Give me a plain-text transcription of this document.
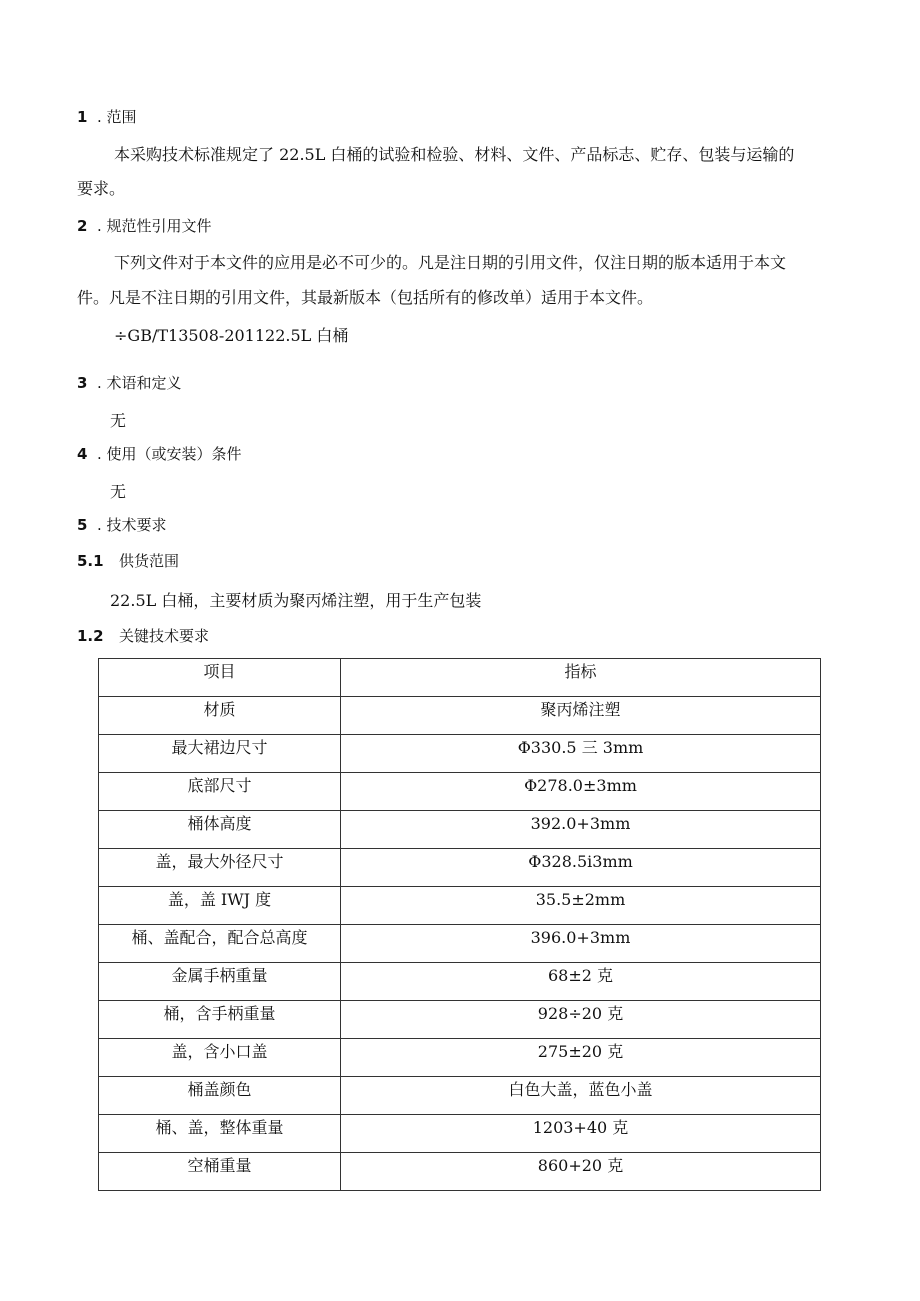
1 . 范围
本采购技术标准规定了 22.5L 白桶的试验和检验、材料、文件、产品标志、贮存、包装与运输的
要求。
2 . 规范性引用文件
下列文件对于本文件的应用是必不可少的。凡是注日期的引用文件，仅注日期的版本适用于本文
件。凡是不注日期的引用文件，其最新版本（包括所有的修改单）适用于本文件。
÷GB/T13508-201122.5L 白桶
3 . 术语和定义
无
4 . 使用（或安装）条件
无
5 . 技术要求
5.1 供货范围
22.5L 白桶，主要材质为聚丙烯注塑，用于生产包装
1.2 关键技术要求
项目	指标
材质	聚丙烯注塑
最大裙边尺寸	Φ330.5 三 3mm
底部尺寸	Φ278.0±3mm
桶体高度	392.0+3mm
盖，最大外径尺寸	Φ328.5i3mm
盖，盖 IWJ 度	35.5±2mm
桶、盖配合，配合总高度	396.0+3mm
金属手柄重量	68±2 克
桶，含手柄重量	928÷20 克
盖，含小口盖	275±20 克
桶盖颜色	白色大盖，蓝色小盖
桶、盖，整体重量	1203+40 克
空桶重量	860+20 克
